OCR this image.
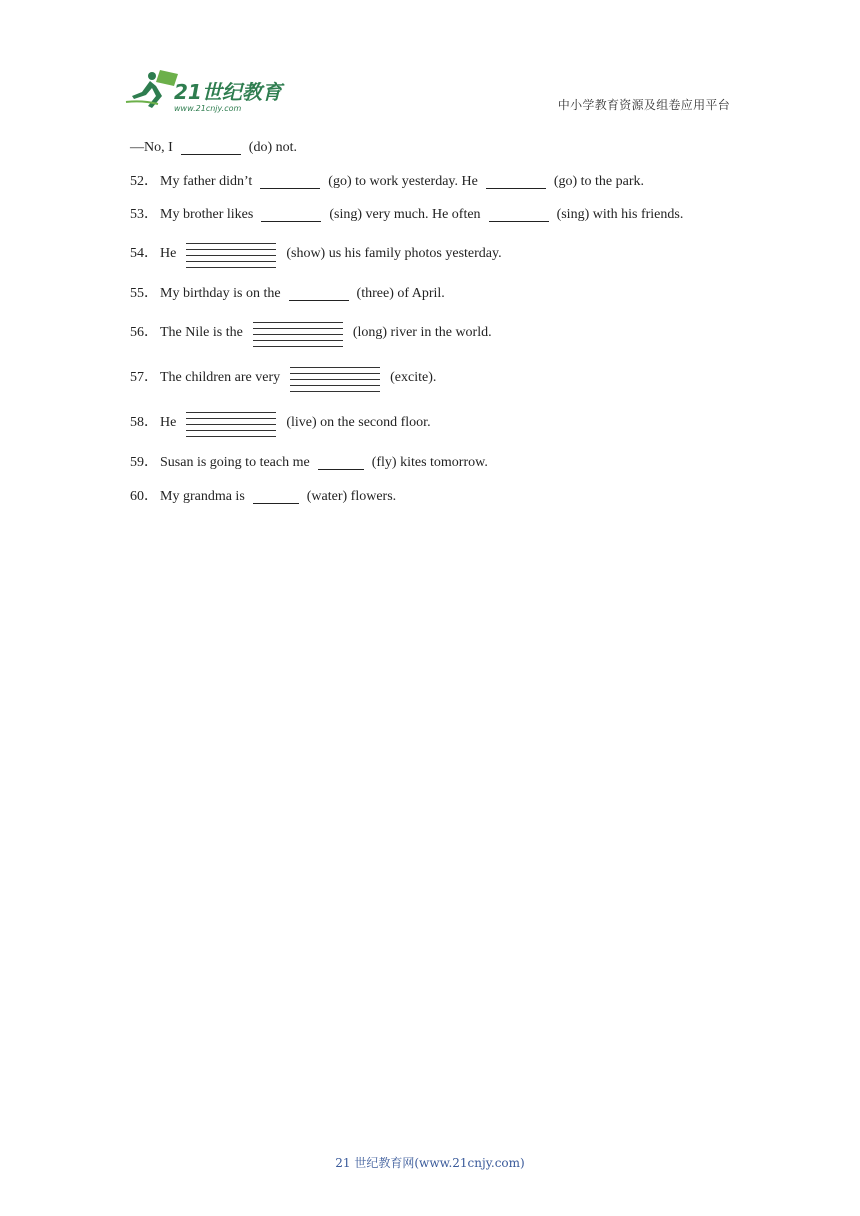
21世纪教育
www.21cnjy.com	中小学教育资源及组卷应用平台
—No, I	(do) not.
52． My father didn’t	(go) to work yesterday. He	(go) to the park.
53． My brother likes	(sing) very much. He often	(sing) with his friends.
54． He	(show) us his family photos yesterday.
55． My birthday is on the	(three) of April.
56． The Nile is the	(long) river in the world.
57． The children are very	(excite).
58． He	(live) on the second floor.
59． Susan is going to teach me	(fly) kites tomorrow.
60． My grandma is	(water) flowers.
21 世纪教育网(www.21cnjy.com)
